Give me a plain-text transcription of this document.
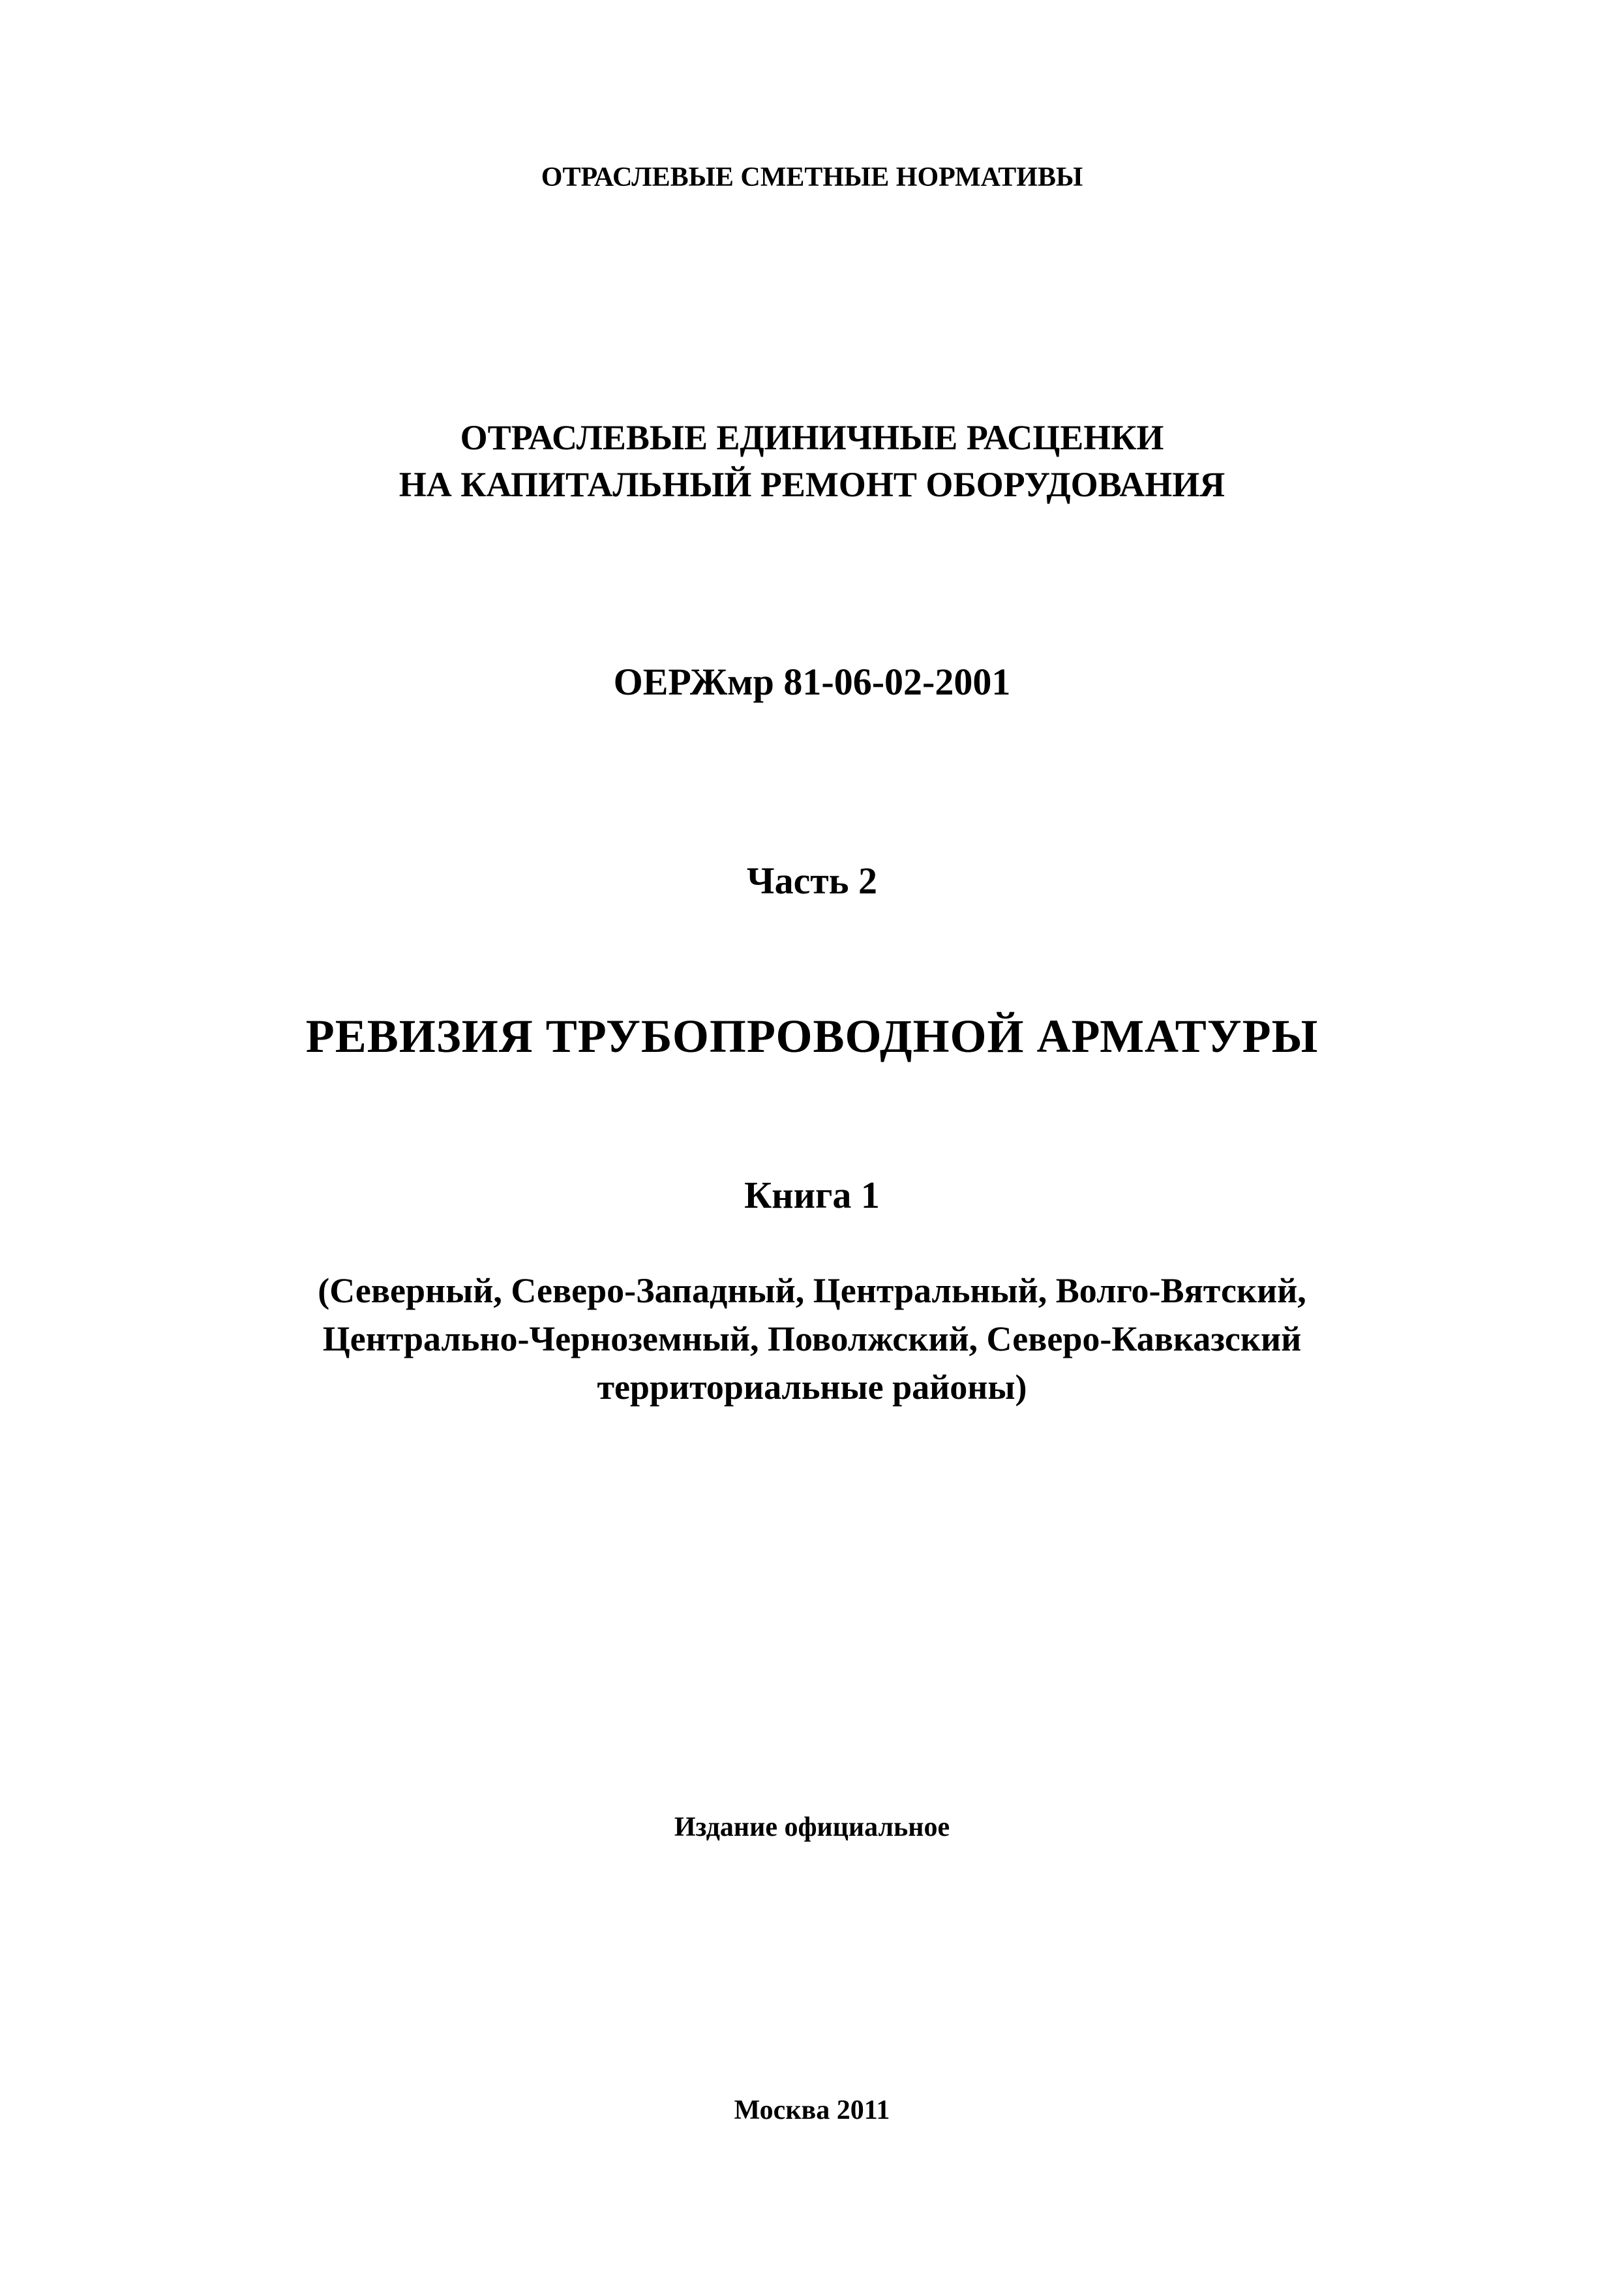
ОТРАСЛЕВЫЕ СМЕТНЫЕ НОРМАТИВЫ
ОТРАСЛЕВЫЕ ЕДИНИЧНЫЕ РАСЦЕНКИ
НА КАПИТАЛЬНЫЙ РЕМОНТ ОБОРУДОВАНИЯ
ОЕРЖмр 81-06-02-2001
Часть 2
РЕВИЗИЯ ТРУБОПРОВОДНОЙ АРМАТУРЫ
Книга 1
(Северный, Северо-Западный, Центральный, Волго-Вятский,
Центрально-Черноземный, Поволжский, Северо-Кавказский
территориальные районы)
Издание официальное
Москва 2011
